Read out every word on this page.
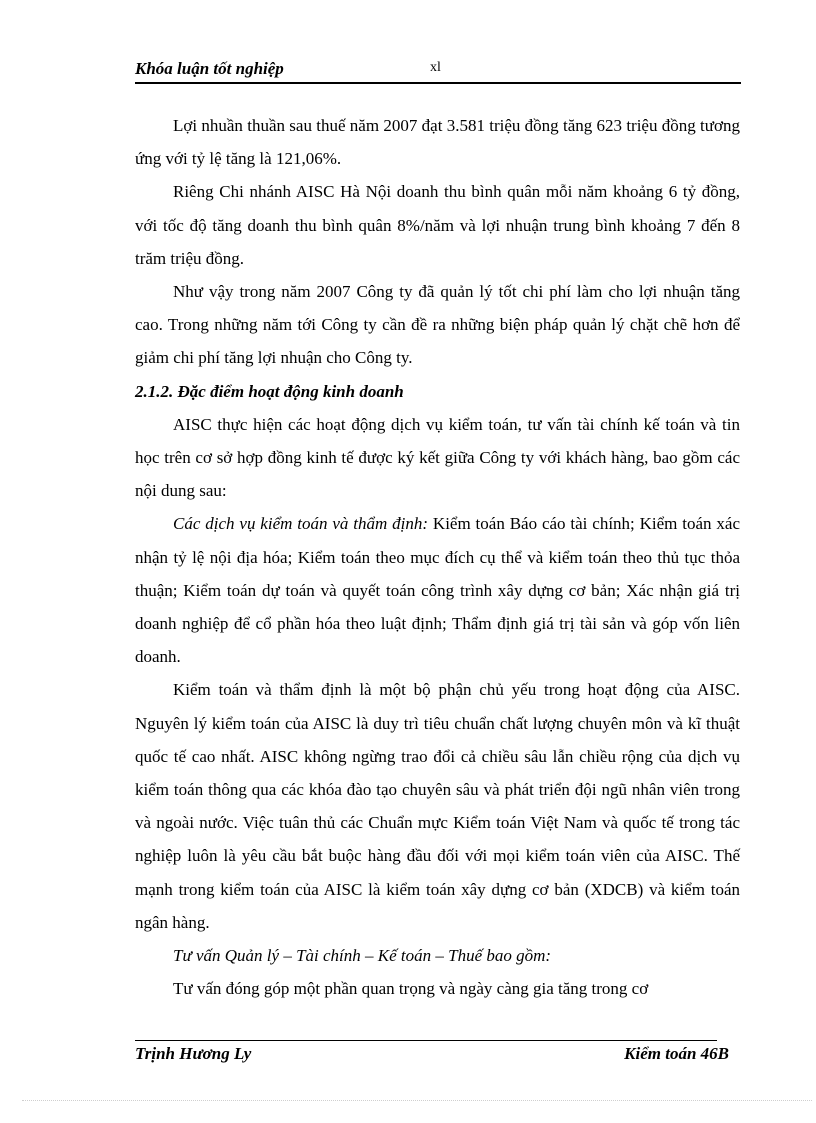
Khóa luận tốt nghiệp	xl

Lợi nhuần thuần sau thuế năm 2007 đạt 3.581 triệu đồng tăng 623 triệu đồng tương ứng với tỷ lệ tăng là 121,06%.

Riêng Chi nhánh AISC Hà Nội doanh thu bình quân mỗi năm khoảng 6 tỷ đồng, với tốc độ tăng doanh thu bình quân 8%/năm và lợi nhuận trung bình khoảng 7 đến 8 trăm triệu đồng.

Như vậy trong năm 2007 Công ty đã quản lý tốt chi phí làm cho lợi nhuận tăng cao. Trong những năm tới Công ty cần đề ra những biện pháp quản lý chặt chẽ hơn để giảm chi phí tăng lợi nhuận cho Công ty.

2.1.2. Đặc điểm hoạt động kinh doanh

AISC thực hiện các hoạt động dịch vụ kiểm toán, tư vấn tài chính kế toán và tin học trên cơ sở hợp đồng kinh tế được ký kết giữa Công ty với khách hàng, bao gồm các nội dung sau:

Các dịch vụ kiểm toán và thẩm định: Kiểm toán Báo cáo tài chính; Kiểm toán xác nhận tỷ lệ nội địa hóa; Kiểm toán theo mục đích cụ thể và kiểm toán theo thủ tục thỏa thuận; Kiểm toán dự toán và quyết toán công trình xây dựng cơ bản; Xác nhận giá trị doanh nghiệp để cổ phần hóa theo luật định; Thẩm định giá trị tài sản và góp vốn liên doanh.

Kiểm toán và thẩm định là một bộ phận chủ yếu trong hoạt động của AISC. Nguyên lý kiểm toán của AISC là duy trì tiêu chuẩn chất lượng chuyên môn và kĩ thuật quốc tế cao nhất. AISC không ngừng trao đổi cả chiều sâu lẫn chiều rộng của dịch vụ kiểm toán thông qua các khóa đào tạo chuyên sâu và phát triển đội ngũ nhân viên trong và ngoài nước. Việc tuân thủ các Chuẩn mực Kiểm toán Việt Nam và quốc tế trong tác nghiệp luôn là yêu cầu bắt buộc hàng đầu đối với mọi kiểm toán viên của AISC. Thế mạnh trong kiểm toán của AISC là kiểm toán xây dựng cơ bản (XDCB) và kiểm toán ngân hàng.

Tư vấn Quản lý – Tài chính – Kế toán – Thuế bao gồm:

Tư vấn đóng góp một phần quan trọng và ngày càng gia tăng trong cơ

Trịnh Hương Ly	Kiểm toán 46B
